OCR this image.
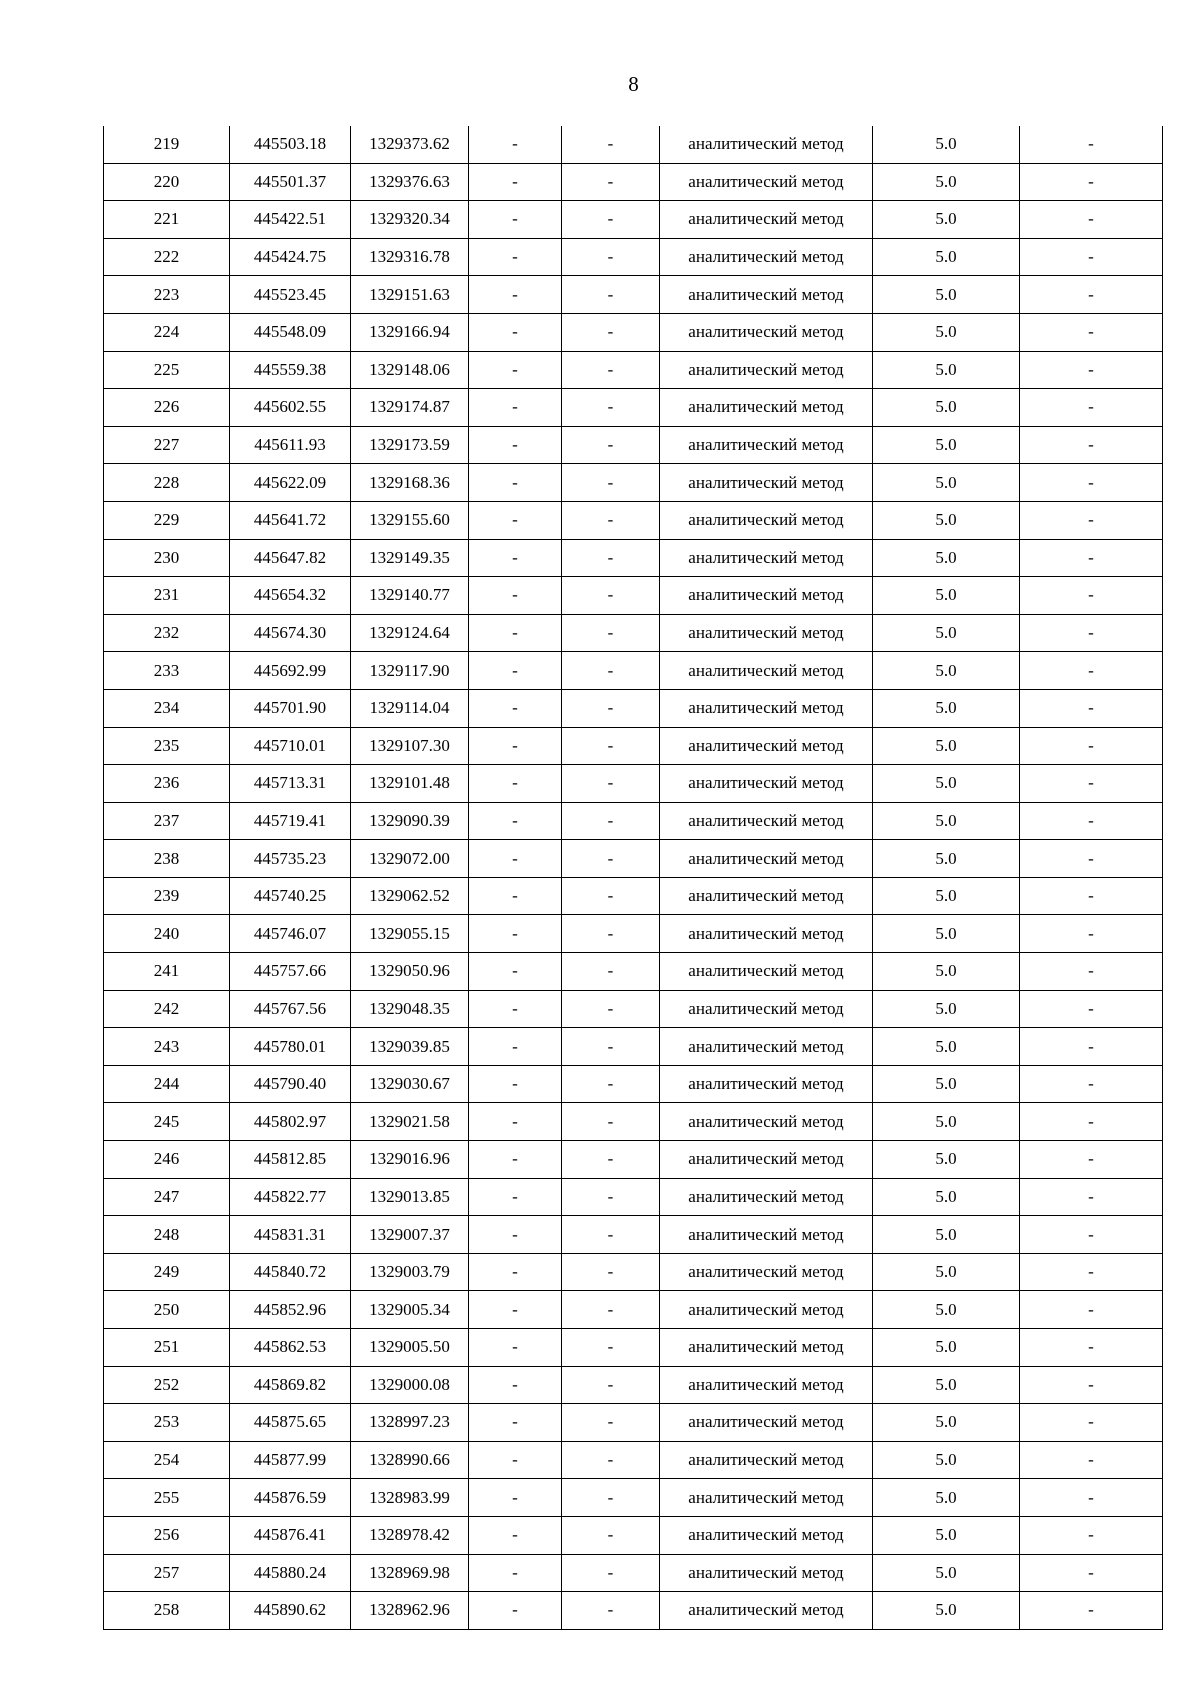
8
219	445503.18	1329373.62	-	-	аналитический метод	5.0	-
220	445501.37	1329376.63	-	-	аналитический метод	5.0	-
221	445422.51	1329320.34	-	-	аналитический метод	5.0	-
222	445424.75	1329316.78	-	-	аналитический метод	5.0	-
223	445523.45	1329151.63	-	-	аналитический метод	5.0	-
224	445548.09	1329166.94	-	-	аналитический метод	5.0	-
225	445559.38	1329148.06	-	-	аналитический метод	5.0	-
226	445602.55	1329174.87	-	-	аналитический метод	5.0	-
227	445611.93	1329173.59	-	-	аналитический метод	5.0	-
228	445622.09	1329168.36	-	-	аналитический метод	5.0	-
229	445641.72	1329155.60	-	-	аналитический метод	5.0	-
230	445647.82	1329149.35	-	-	аналитический метод	5.0	-
231	445654.32	1329140.77	-	-	аналитический метод	5.0	-
232	445674.30	1329124.64	-	-	аналитический метод	5.0	-
233	445692.99	1329117.90	-	-	аналитический метод	5.0	-
234	445701.90	1329114.04	-	-	аналитический метод	5.0	-
235	445710.01	1329107.30	-	-	аналитический метод	5.0	-
236	445713.31	1329101.48	-	-	аналитический метод	5.0	-
237	445719.41	1329090.39	-	-	аналитический метод	5.0	-
238	445735.23	1329072.00	-	-	аналитический метод	5.0	-
239	445740.25	1329062.52	-	-	аналитический метод	5.0	-
240	445746.07	1329055.15	-	-	аналитический метод	5.0	-
241	445757.66	1329050.96	-	-	аналитический метод	5.0	-
242	445767.56	1329048.35	-	-	аналитический метод	5.0	-
243	445780.01	1329039.85	-	-	аналитический метод	5.0	-
244	445790.40	1329030.67	-	-	аналитический метод	5.0	-
245	445802.97	1329021.58	-	-	аналитический метод	5.0	-
246	445812.85	1329016.96	-	-	аналитический метод	5.0	-
247	445822.77	1329013.85	-	-	аналитический метод	5.0	-
248	445831.31	1329007.37	-	-	аналитический метод	5.0	-
249	445840.72	1329003.79	-	-	аналитический метод	5.0	-
250	445852.96	1329005.34	-	-	аналитический метод	5.0	-
251	445862.53	1329005.50	-	-	аналитический метод	5.0	-
252	445869.82	1329000.08	-	-	аналитический метод	5.0	-
253	445875.65	1328997.23	-	-	аналитический метод	5.0	-
254	445877.99	1328990.66	-	-	аналитический метод	5.0	-
255	445876.59	1328983.99	-	-	аналитический метод	5.0	-
256	445876.41	1328978.42	-	-	аналитический метод	5.0	-
257	445880.24	1328969.98	-	-	аналитический метод	5.0	-
258	445890.62	1328962.96	-	-	аналитический метод	5.0	-
